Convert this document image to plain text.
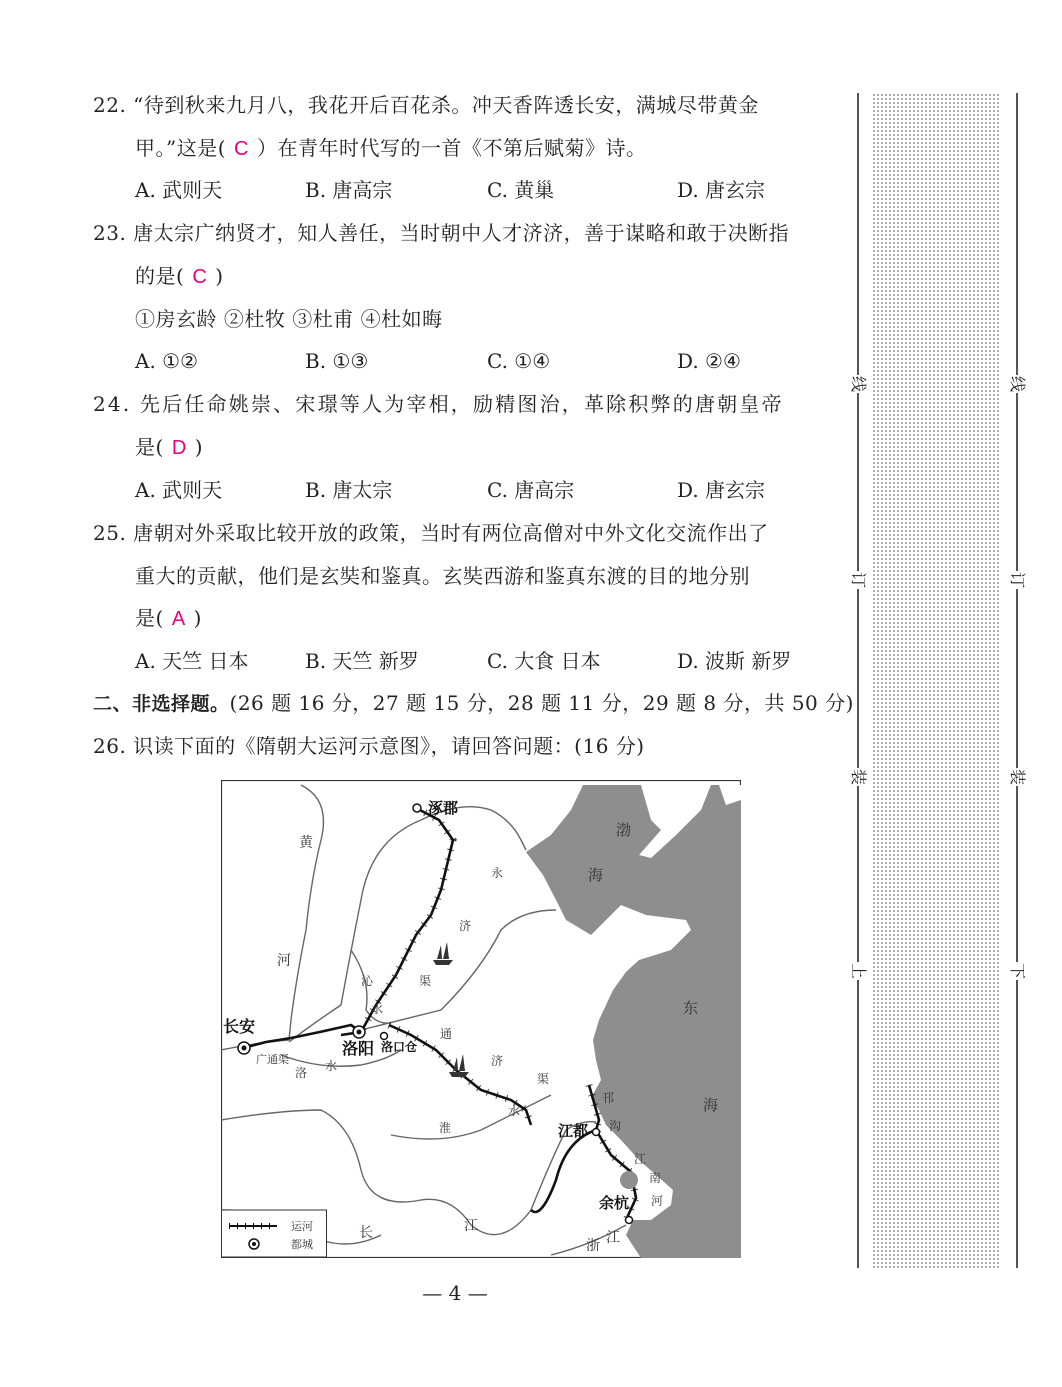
22. “待到秋来九月八，我花开后百花杀。冲天香阵透长安，满城尽带黄金
甲。”这是( C ）在青年时代写的一首《不第后赋菊》诗。
A. 武则天	B. 唐高宗	C. 黄巢	D. 唐玄宗
23. 唐太宗广纳贤才，知人善任，当时朝中人才济济，善于谋略和敢于决断指
的是( C )
①房玄龄 ②杜牧 ③杜甫 ④杜如晦
A. ①②	B. ①③	C. ①④	D. ②④
24. 先后任命姚崇、宋璟等人为宰相，励精图治，革除积弊的唐朝皇帝
是( D )
A. 武则天	B. 唐太宗	C. 唐高宗	D. 唐玄宗
25. 唐朝对外采取比较开放的政策，当时有两位高僧对中外文化交流作出了
重大的贡献，他们是玄奘和鉴真。玄奘西游和鉴真东渡的目的地分别
是( A )
A. 天竺 日本	B. 天竺 新罗	C. 大食 日本	D. 波斯 新罗
二、非选择题。(26 题 16 分，27 题 15 分，28 题 11 分，29 题 8 分，共 50 分)
26. 识读下面的《隋朝大运河示意图》，请回答问题：(16 分)
涿郡
长安
洛阳 洛口仓
江都
余杭
黄
河
沁
水
洛 水
淮
水
长	江
浙 江
永
济
渠
通
济
渠
邗
沟
江
南
河
广通渠
渤
海
东
海
运河
都城
线	线
订	订
装	装
上	下
— 4 —
